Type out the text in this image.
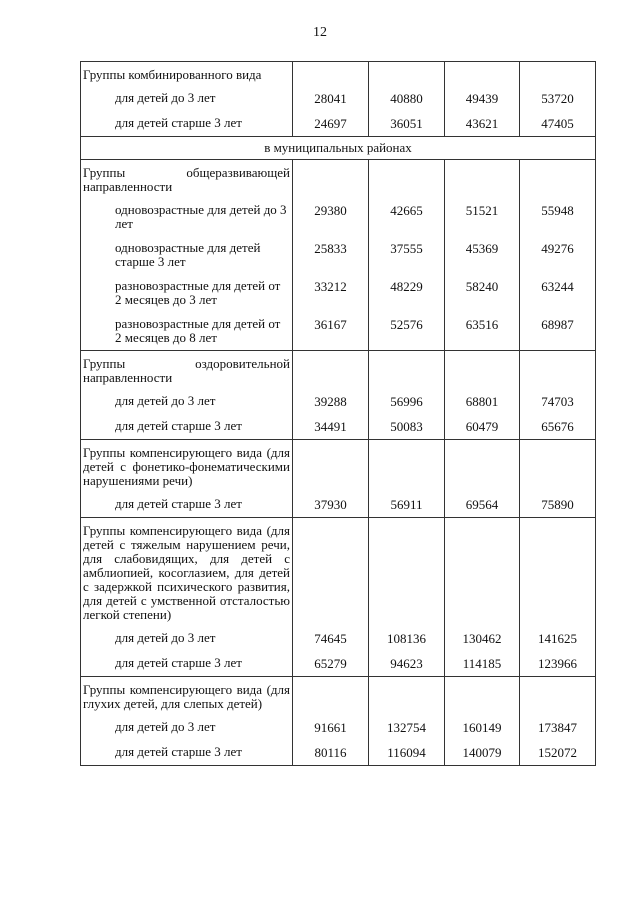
12
Группы комбинированного вида				
для детей до 3 лет	28041	40880	49439	53720
для детей старше 3 лет	24697	36051	43621	47405
в муниципальных районах				
Группы общеразвивающей направленности				
одновозрастные для детей до 3 лет	29380	42665	51521	55948
одновозрастные для детей старше 3 лет	25833	37555	45369	49276
разновозрастные для детей от 2 месяцев до 3 лет	33212	48229	58240	63244
разновозрастные для детей от 2 месяцев до 8 лет	36167	52576	63516	68987
Группы оздоровительной направленности				
для детей до 3 лет	39288	56996	68801	74703
для детей старше 3 лет	34491	50083	60479	65676
Группы компенсирующего вида (для детей с фонетико-фонематическими нарушениями речи)				
для детей старше 3 лет	37930	56911	69564	75890
Группы компенсирующего вида (для детей с тяжелым нарушением речи, для слабовидящих, для детей с амблиопией, косоглазием, для детей с задержкой психического развития, для детей с умственной отсталостью легкой степени)				
для детей до 3 лет	74645	108136	130462	141625
для детей старше 3 лет	65279	94623	114185	123966
Группы компенсирующего вида (для глухих детей, для слепых детей)				
для детей до 3 лет	91661	132754	160149	173847
для детей старше 3 лет	80116	116094	140079	152072
